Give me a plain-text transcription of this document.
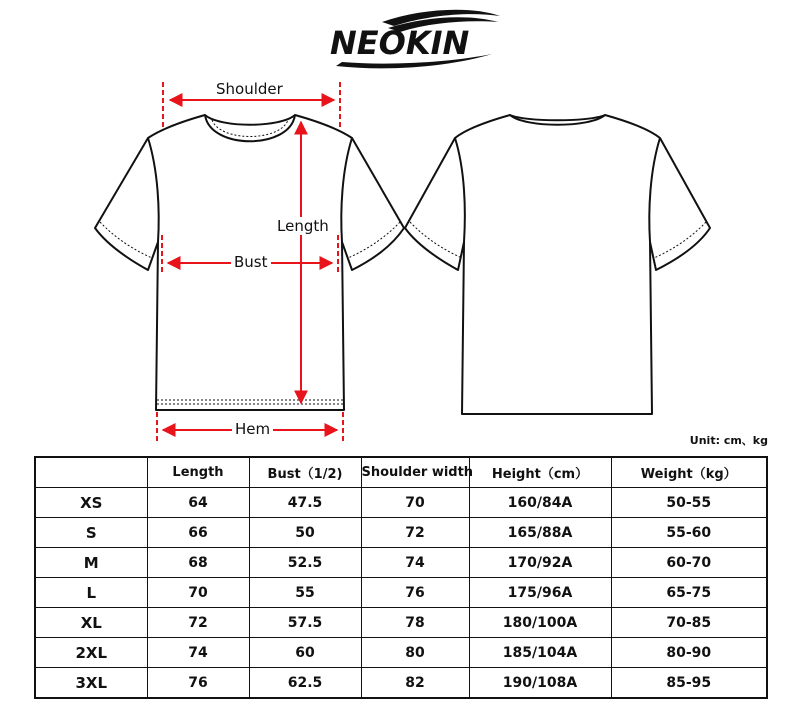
NEOKIN
Shoulder
Length
Bust
Hem
Unit: cm、kg
	Length	Bust（1/2)	Shoulder width	Height（cm）	Weight（kg）
XS	64	47.5	70	160/84A	50-55
S	66	50	72	165/88A	55-60
M	68	52.5	74	170/92A	60-70
L	70	55	76	175/96A	65-75
XL	72	57.5	78	180/100A	70-85
2XL	74	60	80	185/104A	80-90
3XL	76	62.5	82	190/108A	85-95
